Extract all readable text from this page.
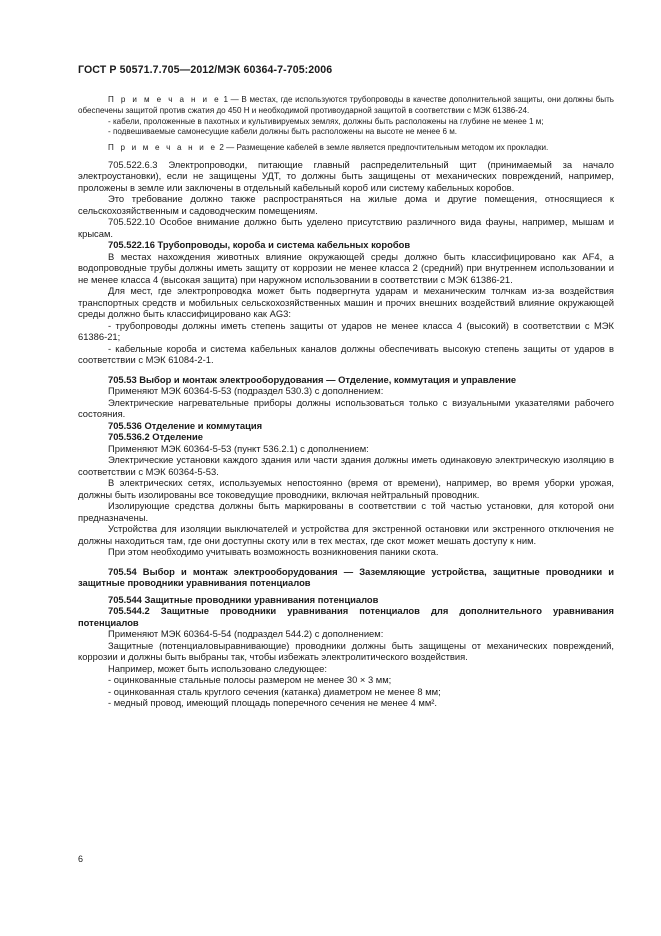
ГОСТ Р 50571.7.705—2012/МЭК 60364-7-705:2006

П р и м е ч а н и е 1 — В местах, где используются трубопроводы в качестве дополнительной защиты, они должны быть обеспечены защитой против сжатия до 450 Н и необходимой противоударной защитой в соответствии с МЭК 61386-24.

- кабели, проложенные в пахотных и культивируемых землях, должны быть расположены на глубине не менее 1 м;

- подвешиваемые самонесущие кабели должны быть расположены на высоте не менее 6 м.

П р и м е ч а н и е 2 — Размещение кабелей в земле является предпочтительным методом их прокладки.

705.522.6.3 Электропроводки, питающие главный распределительный щит (принимаемый за начало электроустановки), если не защищены УДТ, то должны быть защищены от механических повреждений, например, проложены в земле или заключены в отдельный кабельный короб или систему кабельных коробов.

Это требование должно также распространяться на жилые дома и другие помещения, относящиеся к сельскохозяйственным и садоводческим помещениям.

705.522.10 Особое внимание должно быть уделено присутствию различного вида фауны, например, мышам и крысам.

705.522.16 Трубопроводы, короба и система кабельных коробов

В местах нахождения животных влияние окружающей среды должно быть классифицировано как AF4, а водопроводные трубы должны иметь защиту от коррозии не менее класса 2 (средний) при внутреннем использовании и не менее класса 4 (высокая защита) при наружном использовании в соответствии с МЭК 61386-21.

Для мест, где электропроводка может быть подвергнута ударам и механическим толчкам из-за воздействия транспортных средств и мобильных сельскохозяйственных машин и прочих внешних воздействий влияние окружающей среды должно быть классифицировано как AG3:

- трубопроводы должны иметь степень защиты от ударов не менее класса 4 (высокий) в соответствии с МЭК 61386-21;

- кабельные короба и система кабельных каналов должны обеспечивать высокую степень защиты от ударов в соответствии с МЭК 61084-2-1.

705.53 Выбор и монтаж электрооборудования — Отделение, коммутация и управление

Применяют МЭК 60364-5-53 (подраздел 530.3) с дополнением:

Электрические нагревательные приборы должны использоваться только с визуальными указателями рабочего состояния.

705.536 Отделение и коммутация

705.536.2 Отделение

Применяют МЭК 60364-5-53 (пункт 536.2.1) с дополнением:

Электрические установки каждого здания или части здания должны иметь одинаковую электрическую изоляцию в соответствии с МЭК 60364-5-53.

В электрических сетях, используемых непостоянно (время от времени), например, во время уборки урожая, должны быть изолированы все токоведущие проводники, включая нейтральный проводник.

Изолирующие средства должны быть маркированы в соответствии с той частью установки, для которой они предназначены.

Устройства для изоляции выключателей и устройства для экстренной остановки или экстренного отключения не должны находиться там, где они доступны скоту или в тех местах, где скот может мешать доступу к ним.

При этом необходимо учитывать возможность возникновения паники скота.

705.54 Выбор и монтаж электрооборудования — Заземляющие устройства, защитные проводники и защитные проводники уравнивания потенциалов

705.544 Защитные проводники уравнивания потенциалов

705.544.2 Защитные проводники уравнивания потенциалов для дополнительного уравнивания потенциалов

Применяют МЭК 60364-5-54 (подраздел 544.2) с дополнением:

Защитные (потенциаловыравнивающие) проводники должны быть защищены от механических повреждений, коррозии и должны быть выбраны так, чтобы избежать электролитического воздействия.

Например, может быть использовано следующее:

- оцинкованные стальные полосы размером не менее 30 × 3 мм;

- оцинкованная сталь круглого сечения (катанка) диаметром не менее 8 мм;

- медный провод, имеющий площадь поперечного сечения не менее 4 мм².

6
